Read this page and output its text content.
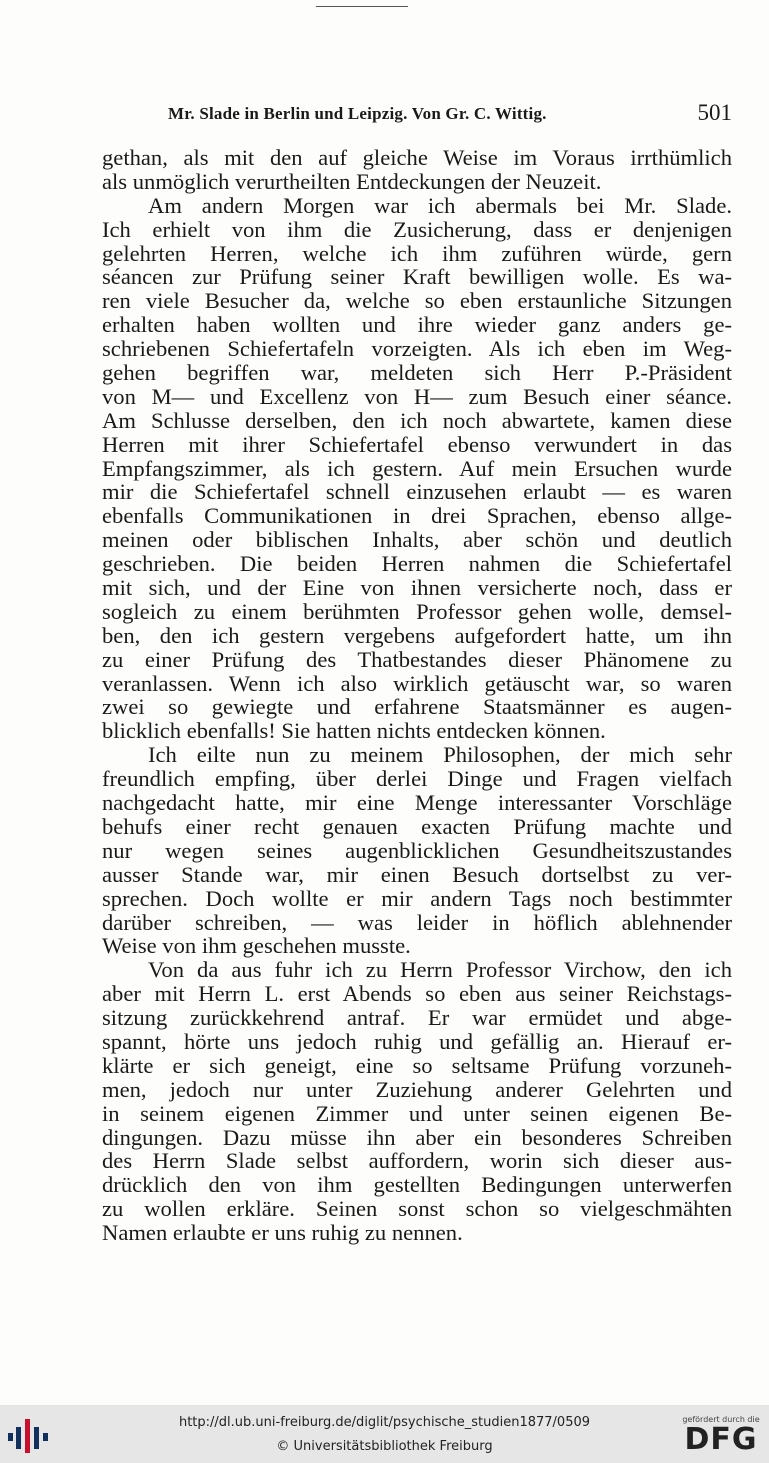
Mr. Slade in Berlin und Leipzig. Von Gr. C. Wittig.	501
gethan, als mit den auf gleiche Weise im Voraus irrthümlich
als unmöglich verurtheilten Entdeckungen der Neuzeit.
Am andern Morgen war ich abermals bei Mr. Slade.
Ich erhielt von ihm die Zusicherung, dass er denjenigen
gelehrten Herren, welche ich ihm zuführen würde, gern
séancen zur Prüfung seiner Kraft bewilligen wolle. Es wa-
ren viele Besucher da, welche so eben erstaunliche Sitzungen
erhalten haben wollten und ihre wieder ganz anders ge-
schriebenen Schiefertafeln vorzeigten. Als ich eben im Weg-
gehen begriffen war, meldeten sich Herr P.-Präsident
von M— und Excellenz von H— zum Besuch einer séance.
Am Schlusse derselben, den ich noch abwartete, kamen diese
Herren mit ihrer Schiefertafel ebenso verwundert in das
Empfangszimmer, als ich gestern. Auf mein Ersuchen wurde
mir die Schiefertafel schnell einzusehen erlaubt — es waren
ebenfalls Communikationen in drei Sprachen, ebenso allge-
meinen oder biblischen Inhalts, aber schön und deutlich
geschrieben. Die beiden Herren nahmen die Schiefertafel
mit sich, und der Eine von ihnen versicherte noch, dass er
sogleich zu einem berühmten Professor gehen wolle, demsel-
ben, den ich gestern vergebens aufgefordert hatte, um ihn
zu einer Prüfung des Thatbestandes dieser Phänomene zu
veranlassen. Wenn ich also wirklich getäuscht war, so waren
zwei so gewiegte und erfahrene Staatsmänner es augen-
blicklich ebenfalls! Sie hatten nichts entdecken können.
Ich eilte nun zu meinem Philosophen, der mich sehr
freundlich empfing, über derlei Dinge und Fragen vielfach
nachgedacht hatte, mir eine Menge interessanter Vorschläge
behufs einer recht genauen exacten Prüfung machte und
nur wegen seines augenblicklichen Gesundheitszustandes
ausser Stande war, mir einen Besuch dortselbst zu ver-
sprechen. Doch wollte er mir andern Tags noch bestimmter
darüber schreiben, — was leider in höflich ablehnender
Weise von ihm geschehen musste.
Von da aus fuhr ich zu Herrn Professor Virchow, den ich
aber mit Herrn L. erst Abends so eben aus seiner Reichstags-
sitzung zurückkehrend antraf. Er war ermüdet und abge-
spannt, hörte uns jedoch ruhig und gefällig an. Hierauf er-
klärte er sich geneigt, eine so seltsame Prüfung vorzuneh-
men, jedoch nur unter Zuziehung anderer Gelehrten und
in seinem eigenen Zimmer und unter seinen eigenen Be-
dingungen. Dazu müsse ihn aber ein besonderes Schreiben
des Herrn Slade selbst auffordern, worin sich dieser aus-
drücklich den von ihm gestellten Bedingungen unterwerfen
zu wollen erkläre. Seinen sonst schon so vielgeschmähten
Namen erlaubte er uns ruhig zu nennen.
http://dl.ub.uni-freiburg.de/diglit/psychische_studien1877/0509
© Universitätsbibliothek Freiburg
gefördert durch die
DFG
